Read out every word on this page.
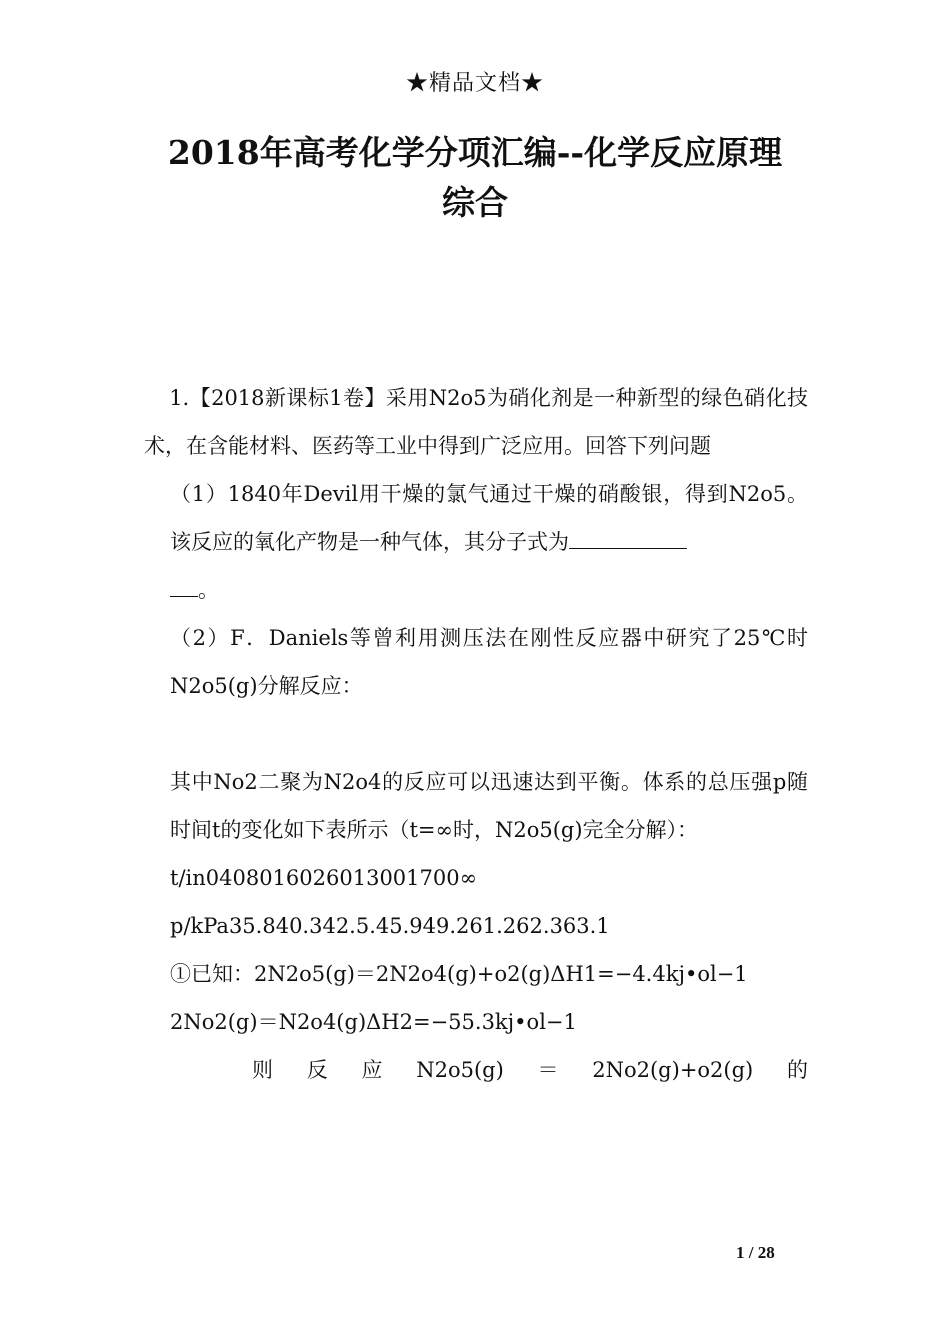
★精品文档★
2018年高考化学分项汇编--化学反应原理
综合

1.【2018新课标1卷】采用N2o5为硝化剂是一种新型的绿色硝化技术，在含能材料、医药等工业中得到广泛应用。回答下列问题

（1）1840年Devil用干燥的氯气通过干燥的硝酸银，得到N2o5。该反应的氧化产物是一种气体，其分子式为
。

（2）F．Daniels等曾利用测压法在刚性反应器中研究了25℃时N2o5(g)分解反应：

其中No2二聚为N2o4的反应可以迅速达到平衡。体系的总压强p随时间t的变化如下表所示（t=∞时，N2o5(g)完全分解）：

t/in0408016026013001700∞

p/kPa35.840.342.5.45.949.261.262.363.1

①已知：2N2o5(g)＝2N2o4(g)+o2(g)ΔH1=−4.4kj•ol−1

2No2(g)＝N2o4(g)ΔH2=−55.3kj•ol−1

则 反 应 N2o5(g) ＝ 2No2(g)+o2(g) 的
1 / 28
